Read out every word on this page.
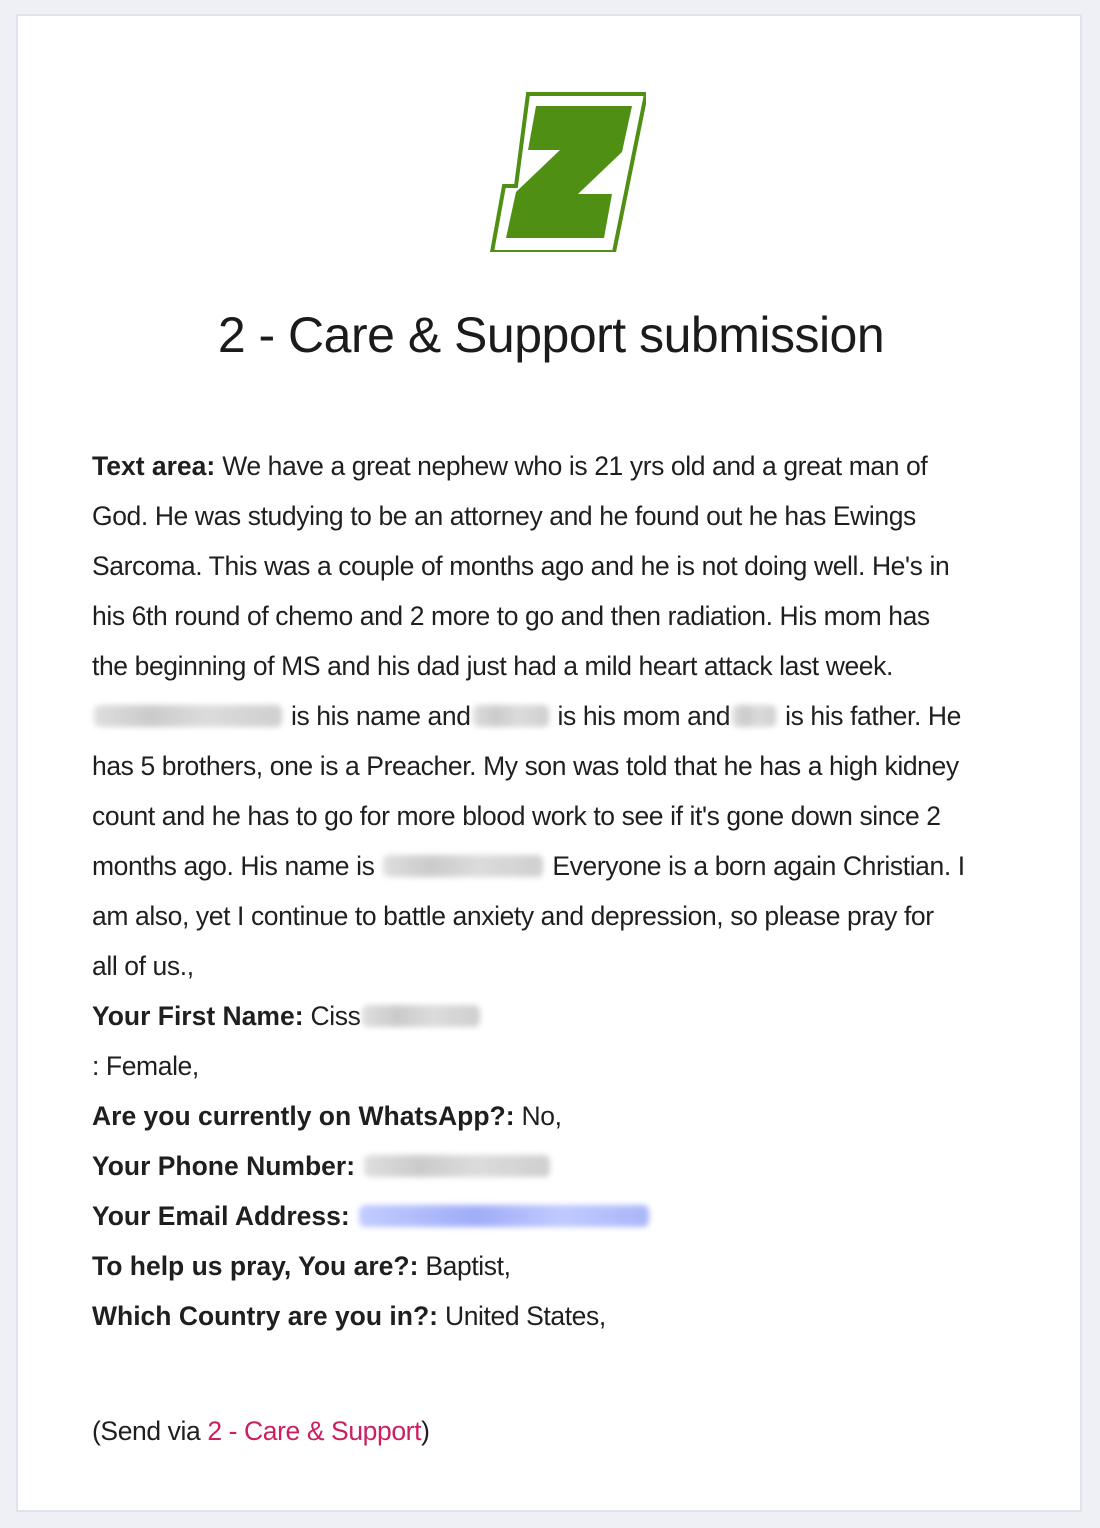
2 - Care & Support submission
Text area: We have a great nephew who is 21 yrs old and a great man of
God. He was studying to be an attorney and he found out he has Ewings
Sarcoma. This was a couple of months ago and he is not doing well. He's in
his 6th round of chemo and 2 more to go and then radiation. His mom has
the beginning of MS and his dad just had a mild heart attack last week.
is his name and	is his mom and is his father. He
has 5 brothers, one is a Preacher. My son was told that he has a high kidney
count and he has to go for more blood work to see if it's gone down since 2
months ago. His name is	Everyone is a born again Christian. I
am also, yet I continue to battle anxiety and depression, so please pray for
all of us.,
Your First Name: Ciss
: Female,
Are you currently on WhatsApp?: No,
Your Phone Number:
Your Email Address:
To help us pray, You are?: Baptist,
Which Country are you in?: United States,
(Send via 2 - Care & Support)
